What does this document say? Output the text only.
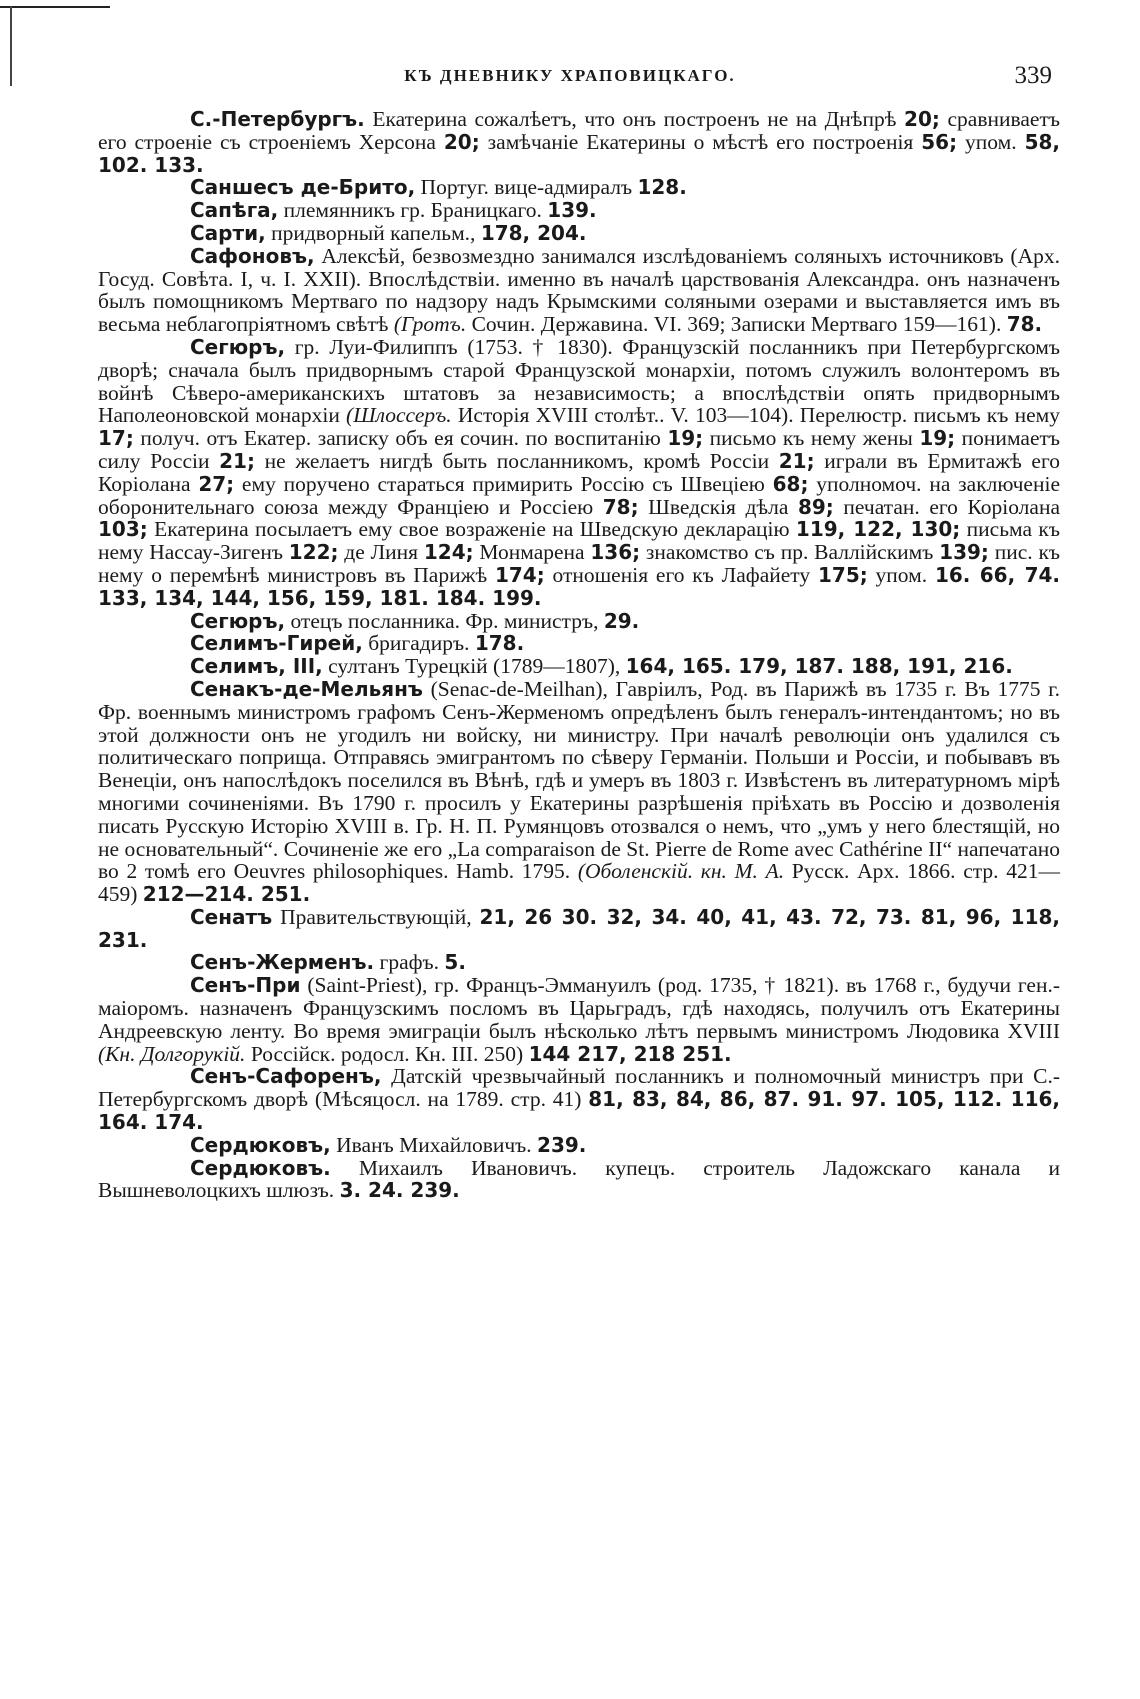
КЪ ДНЕВНИКУ ХРАПОВИЦКАГО.	339

С.-Петербургъ. Екатерина сожалѣетъ, что онъ построенъ не на Днѣпрѣ 20; сравниваетъ его строеніе съ строеніемъ Херсона 20; замѣчаніе Екатерины о мѣстѣ его построенія 56; упом. 58, 102. 133.

Саншесъ де-Брито, Португ. вице-адмиралъ 128.

Сапѣга, племянникъ гр. Браницкаго. 139.

Сарти, придворный капельм., 178, 204.

Сафоновъ, Алексѣй, безвозмездно занимался изслѣдованіемъ соляныхъ источниковъ (Арх. Госуд. Совѣта. I, ч. I. XXII). Впослѣдствіи. именно въ началѣ царствованія Александра. онъ назначенъ былъ помощникомъ Мертваго по надзору надъ Крымскими соляными озерами и выставляется имъ въ весьма неблагопріятномъ свѣтѣ (Гротъ. Сочин. Державина. VI. 369; Записки Мертваго 159—161). 78.

Сегюръ, гр. Луи-Филиппъ (1753. † 1830). Французскій посланникъ при Петербургскомъ дворѣ; сначала былъ придворнымъ старой Французской монархіи, потомъ служилъ волонтеромъ въ войнѣ Сѣверо-американскихъ штатовъ за независимость; а впослѣдствіи опять придворнымъ Наполеоновской монархіи (Шлоссеръ. Исторія XVIII столѣт.. V. 103—104). Перелюстр. письмъ къ нему 17; получ. отъ Екатер. записку объ ея сочин. по воспитанію 19; письмо къ нему жены 19; понимаетъ силу Россіи 21; не желаетъ нигдѣ быть посланникомъ, кромѣ Россіи 21; играли въ Ермитажѣ его Коріолана 27; ему поручено стараться примирить Россію съ Швеціею 68; уполномоч. на заключеніе оборонительнаго союза между Франціею и Россіею 78; Шведскія дѣла 89; печатан. его Коріолана 103; Екатерина посылаетъ ему свое возраженіе на Шведскую декларацію 119, 122, 130; письма къ нему Нассау-Зигенъ 122; де Линя 124; Монмарена 136; знакомство съ пр. Валлійскимъ 139; пис. къ нему о перемѣнѣ министровъ въ Парижѣ 174; отношенія его къ Лафайету 175; упом. 16. 66, 74. 133, 134, 144, 156, 159, 181. 184. 199.

Сегюръ, отецъ посланника. Фр. министръ, 29.

Селимъ-Гирей, бригадиръ. 178.

Селимъ, III, султанъ Турецкій (1789—1807), 164, 165. 179, 187. 188, 191, 216.

Сенакъ-де-Мельянъ (Senac-de-Meilhan), Гавріилъ, Род. въ Парижѣ въ 1735 г. Въ 1775 г. Фр. военнымъ министромъ графомъ Сенъ-Жерменомъ опредѣленъ былъ генералъ-интендантомъ; но въ этой должности онъ не угодилъ ни войску, ни министру. При началѣ революціи онъ удалился съ политическаго поприща. Отправясь эмигрантомъ по сѣверу Германіи. Польши и Россіи, и побывавъ въ Венеціи, онъ напослѣдокъ поселился въ Вѣнѣ, гдѣ и умеръ въ 1803 г. Извѣстенъ въ литературномъ мірѣ многими сочиненіями. Въ 1790 г. просилъ у Екатерины разрѣшенія пріѣхать въ Россію и дозволенія писать Русскую Исторію XVIII в. Гр. Н. П. Румянцовъ отозвался о немъ, что „умъ у него блестящій, но не основательный“. Сочиненіе же его „La comparaison de St. Pierre de Rome avec Cathérine II“ напечатано во 2 томѣ его Oeuvres philosophiques. Hamb. 1795. (Оболенскій. кн. М. А. Русск. Арх. 1866. стр. 421—459) 212—214. 251.

Сенатъ Правительствующій, 21, 26 30. 32, 34. 40, 41, 43. 72, 73. 81, 96, 118, 231.

Сенъ-Жерменъ. графъ. 5.

Сенъ-При (Saint-Priest), гр. Францъ-Эммануилъ (род. 1735, † 1821). въ 1768 г., будучи ген.-маіоромъ. назначенъ Французскимъ посломъ въ Царьградъ, гдѣ находясь, получилъ отъ Екатерины Андреевскую ленту. Во время эмиграціи былъ нѣсколько лѣтъ первымъ министромъ Людовика XVIII (Кн. Долгорукій. Россійск. родосл. Кн. III. 250) 144 217, 218 251.

Сенъ-Сафоренъ, Датскій чрезвычайный посланникъ и полномочный министръ при С.-Петербургскомъ дворѣ (Мѣсяцосл. на 1789. стр. 41) 81, 83, 84, 86, 87. 91. 97. 105, 112. 116, 164. 174.

Сердюковъ, Иванъ Михайловичъ. 239.

Сердюковъ. Михаилъ Ивановичъ. купецъ. строитель Ладожскаго канала и Вышневолоцкихъ шлюзъ. 3. 24. 239.
